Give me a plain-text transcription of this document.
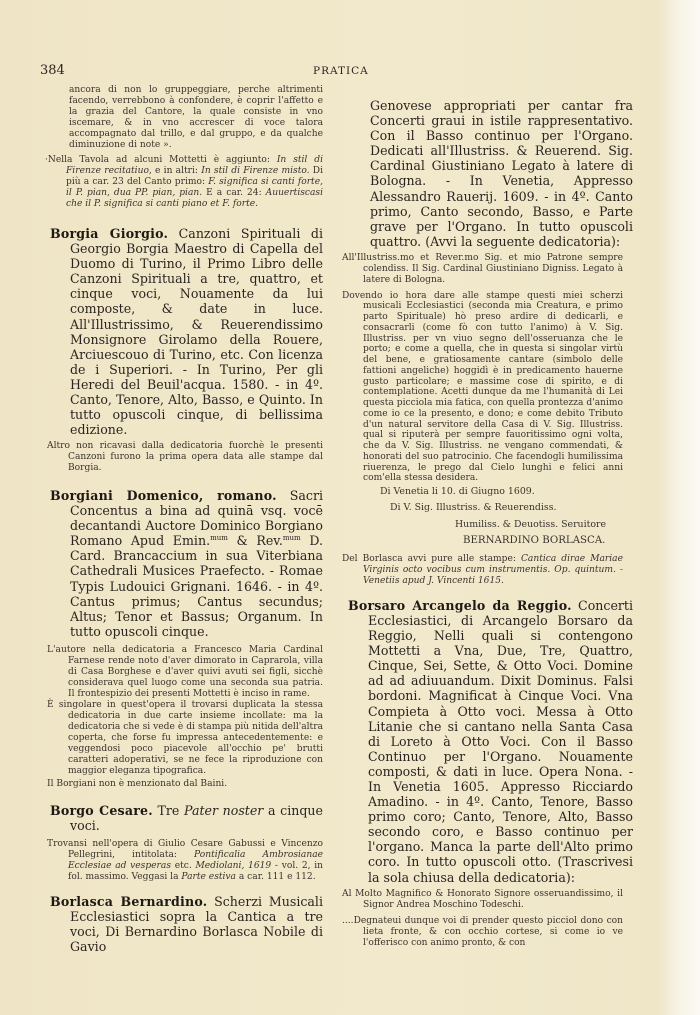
384	PRATICA
ancora di non lo gruppeggiare, perche altrimenti facendo, verrebbono à confondere, è coprir l'affetto e la grazia del Cantore, la quale consiste in vno iscemare, & in vno accrescer di voce talora accompagnato dal trillo, e dal gruppo, e da qualche diminuzione di note ».
·Nella Tavola ad alcuni Mottetti è aggiunto: In stil di Firenze recitatiuo, e in altri: In stil di Firenze misto. Di più a car. 23 del Canto primo: F. significa si canti forte, il P. pian, dua PP. pian, pian. E a car. 24: Auuertiscasi che il P. significa si canti piano et F. forte.
Borgia Giorgio. Canzoni Spirituali di Georgio Borgia Maestro di Capella del Duomo di Turino, il Primo Libro delle Canzoni Spirituali a tre, quattro, et cinque voci, Nouamente da lui composte, & date in luce. All'Illustrissimo, & Reuerendissimo Monsignore Girolamo della Rouere, Arciuescouo di Turino, etc. Con licenza de i Superiori. - In Turino, Per gli Heredi del Beuil'acqua. 1580. - in 4º. Canto, Tenore, Alto, Basso, e Quinto. In tutto opuscoli cinque, di bellissima edizione.
Altro non ricavasi dalla dedicatoria fuorchè le presenti Canzoni furono la prima opera data alle stampe dal Borgia.
Borgiani Domenico, romano. Sacri Concentus a bina ad quinā vsq. vocē decantandi Auctore Dominico Borgiano Romano Apud Emin.$^{mum}$ & Rev.$^{mum}$ D. Card. Brancaccium in sua Viterbiana Cathedrali Musices Praefecto. - Romae Typis Ludouici Grignani. 1646. - in 4º. Cantus primus; Cantus secundus; Altus; Tenor et Bassus; Organum. In tutto opuscoli cinque.
L'autore nella dedicatoria a Francesco Maria Cardinal Farnese rende noto d'aver dimorato in Caprarola, villa di Casa Borghese e d'aver quivi avuti sei figli, sicchè considerava quel luogo come una seconda sua patria. Il frontespizio dei presenti Mottetti è inciso in rame.
È singolare in quest'opera il trovarsi duplicata la stessa dedicatoria in due carte insieme incollate: ma la dedicatoria che si vede è di stampa più nitida dell'altra coperta, che forse fu impressa antecedentemente: e veggendosi poco piacevole all'occhio pe' brutti caratteri adoperativi, se ne fece la riproduzione con maggior eleganza tipografica.
Il Borgiani non è menzionato dal Baini.
Borgo Cesare. Tre Pater noster a cinque voci.
Trovansi nell'opera di Giulio Cesare Gabussi e Vincenzo Pellegrini, intitolata: Pontificalia Ambrosianae Ecclesiae ad vesperas etc. Mediolani, 1619 - vol. 2, in fol. massimo. Veggasi la Parte estiva a car. 111 e 112.
Borlasca Bernardino. Scherzi Musicali Ecclesiastici sopra la Cantica a tre voci, Di Bernardino Borlasca Nobile di Gavio
Genovese appropriati per cantar fra Concerti graui in istile rappresentativo. Con il Basso continuo per l'Organo. Dedicati all'Illustriss. & Reuerend. Sig. Cardinal Giustiniano Legato à latere di Bologna. - In Venetia, Appresso Alessandro Rauerij. 1609. - in 4º. Canto primo, Canto secondo, Basso, e Parte grave per l'Organo. In tutto opuscoli quattro. (Avvi la seguente dedicatoria):
All'Illustriss.mo et Rever.mo Sig. et mio Patrone sempre colendiss. Il Sig. Cardinal Giustiniano Digniss. Legato à latere di Bologna.
Dovendo io hora dare alle stampe questi miei scherzi musicali Ecclesiastici (seconda mia Creatura, e primo parto Spirituale) hò preso ardire di dedicarli, e consacrarli (come fò con tutto l'animo) à V. Sig. Illustriss. per vn viuo segno dell'osseruanza che le porto; e come a quella, che in questa si singolar virtù del bene, e gratiosamente cantare (simbolo delle fattioni angeliche) hoggidì è in predicamento hauerne gusto particolare; e massime cose di spirito, e di contemplatione. Acetti dunque da me l'humanità di Lei questa picciola mia fatica, con quella prontezza d'animo come io ce la presento, e dono; e come debito Tributo d'un natural servitore della Casa di V. Sig. Illustriss. qual si riputerà per sempre fauoritissimo ogni volta, che da V. Sig. Illustriss. ne vengano commendati, & honorati del suo patrocinio. Che facendogli humilissima riuerenza, le prego dal Cielo lunghi e felici anni com'ella stessa desidera.
Di Venetia li 10. di Giugno 1609.
Di V. Sig. Illustriss. & Reuerendiss.
Humiliss. & Deuotiss. Seruitore
BERNARDINO BORLASCA.
Del Borlasca avvi pure alle stampe: Cantica dirae Mariae Virginis octo vocibus cum instrumentis. Op. quintum. - Venetiis apud J. Vincenti 1615.
Borsaro Arcangelo da Reggio. Concerti Ecclesiastici, di Arcangelo Borsaro da Reggio, Nelli quali si contengono Mottetti a Vna, Due, Tre, Quattro, Cinque, Sei, Sette, & Otto Voci. Domine ad ad adiuuandum. Dixit Dominus. Falsi bordoni. Magnificat à Cinque Voci. Vna Compieta à Otto voci. Messa à Otto Litanie che si cantano nella Santa Casa di Loreto à Otto Voci. Con il Basso Continuo per l'Organo. Nouamente composti, & dati in luce. Opera Nona. - In Venetia 1605. Appresso Ricciardo Amadino. - in 4º. Canto, Tenore, Basso primo coro; Canto, Tenore, Alto, Basso secondo coro, e Basso continuo per l'organo. Manca la parte dell'Alto primo coro. In tutto opuscoli otto. (Trascrivesi la sola chiusa della dedicatoria):
Al Molto Magnifico & Honorato Signore osseruandissimo, il Signor Andrea Moschino Todeschi.
....Degnateui dunque voi di prender questo picciol dono con lieta fronte, & con occhio cortese, si come io ve l'offerisco con animo pronto, & con
